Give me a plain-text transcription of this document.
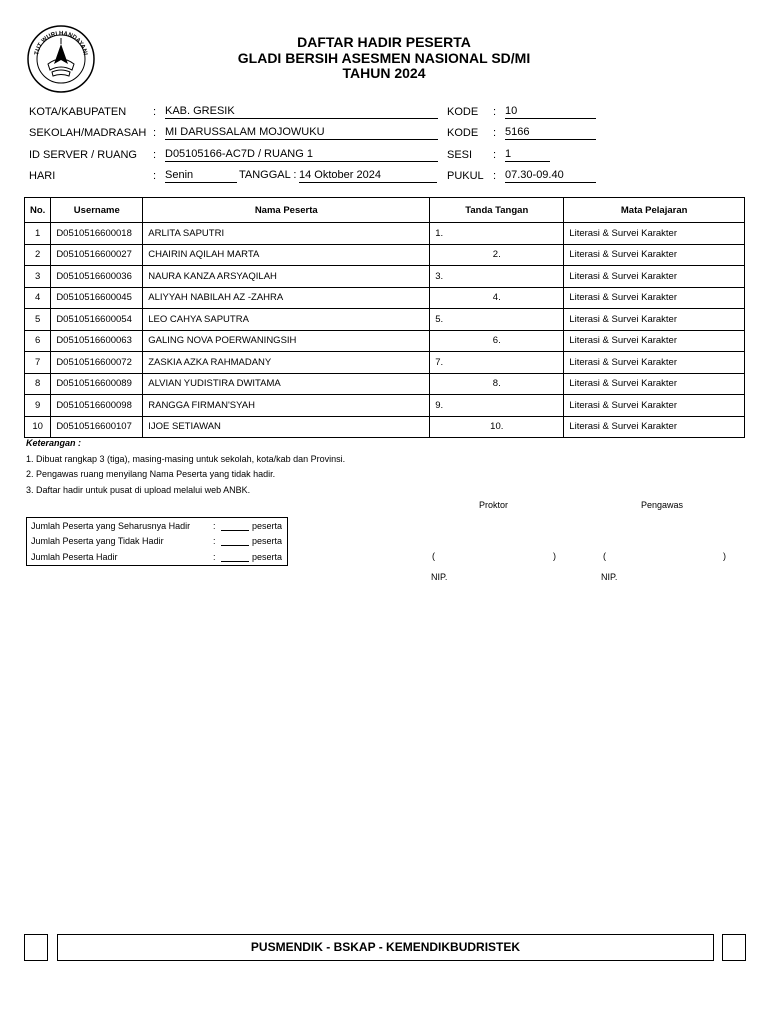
TUT WURI HANDAYANI
DAFTAR HADIR PESERTA
GLADI BERSIH ASESMEN NASIONAL SD/MI
TAHUN 2024
KOTA/KABUPATEN : KAB. GRESIK
SEKOLAH/MADRASAH : MI DARUSSALAM MOJOWUKU
ID SERVER / RUANG : D05105166-AC7D / RUANG 1
HARI	: Senin	TANGGAL : 14 Oktober 2024
KODE : 10
KODE : 5166
SESI : 1
PUKUL : 07.30-09.40
No.	Username	Nama Peserta	Tanda Tangan	Mata Pelajaran
1	D0510516600018	ARLITA SAPUTRI	1.	Literasi & Survei Karakter
2	D0510516600027	CHAIRIN AQILAH MARTA	2.	Literasi & Survei Karakter
3	D0510516600036	NAURA KANZA ARSYAQILAH	3.	Literasi & Survei Karakter
4	D0510516600045	ALIYYAH NABILAH AZ -ZAHRA	4.	Literasi & Survei Karakter
5	D0510516600054	LEO CAHYA SAPUTRA	5.	Literasi & Survei Karakter
6	D0510516600063	GALING NOVA POERWANINGSIH	6.	Literasi & Survei Karakter
7	D0510516600072	ZASKIA AZKA RAHMADANY	7.	Literasi & Survei Karakter
8	D0510516600089	ALVIAN YUDISTIRA DWITAMA	8.	Literasi & Survei Karakter
9	D0510516600098	RANGGA FIRMAN'SYAH	9.	Literasi & Survei Karakter
10	D0510516600107	IJOE SETIAWAN	10.	Literasi & Survei Karakter
Keterangan :
1. Dibuat rangkap 3 (tiga), masing-masing untuk sekolah, kota/kab dan Provinsi.
2. Pengawas ruang menyilang Nama Peserta yang tidak hadir.
3. Daftar hadir untuk pusat di upload melalui web ANBK.
Jumlah Peserta yang Seharusnya Hadir	:	peserta
Jumlah Peserta yang Tidak Hadir	:	peserta
Jumlah Peserta Hadir	:	peserta
Proktor	Pengawas
(	)	(	)
NIP.	NIP.
PUSMENDIK - BSKAP - KEMENDIKBUDRISTEK
